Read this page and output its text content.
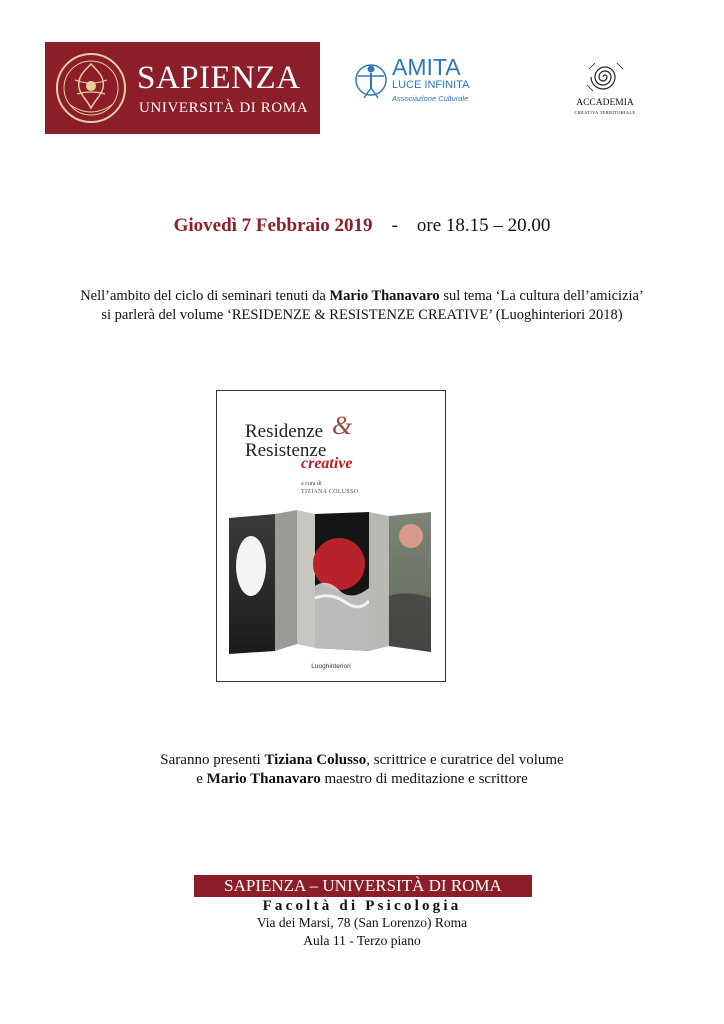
SAPIENZA
UNIVERSITÀ DI ROMA
AMITA
LUCE INFINITA
Associazione Culturale	ACCADEMIA
CREATIVA TERRITORIALE
Giovedì 7 Febbraio 2019 - ore 18.15 – 20.00
Nell’ambito del ciclo di seminari tenuti da Mario Thanavaro sul tema ‘La cultura dell’amicizia’
si parlerà del volume ‘RESIDENZE & RESISTENZE CREATIVE’ (Luoghinteriori 2018)
&
Residenze
Resistenze
creative
a cura di
TIZIANA COLUSSO
Luoghinteriori
Saranno presenti Tiziana Colusso, scrittrice e curatrice del volume
e Mario Thanavaro maestro di meditazione e scrittore
SAPIENZA – UNIVERSITÀ DI ROMA
Facoltà di Psicologia
Via dei Marsi, 78 (San Lorenzo) Roma
Aula 11 - Terzo piano
